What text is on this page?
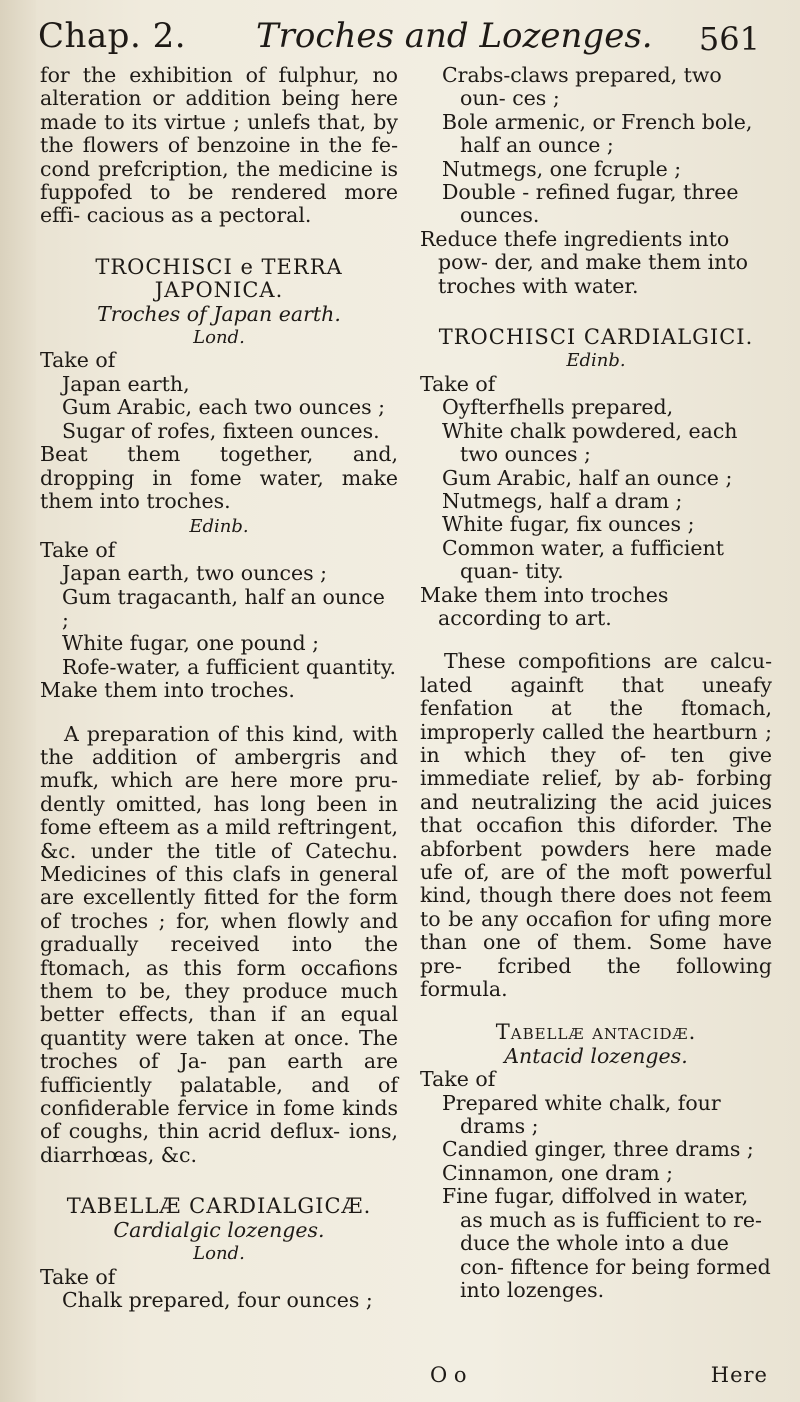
Chap. 2. Troches and Lozenges. 561

for the exhibition of fulphur, no alteration or addition being here made to its virtue ; unlefs that, by the flowers of benzoine in the fe- cond prefcription, the medicine is fuppofed to be rendered more effi- cacious as a pectoral.

TROCHISCI e TERRA JAPONICA.

Troches of Japan earth.

Lond.

Take of

Japan earth,

Gum Arabic, each two ounces ;

Sugar of rofes, fixteen ounces.

Beat them together, and, dropping in fome water, make them into troches.

Edinb.

Take of

Japan earth, two ounces ;

Gum tragacanth, half an ounce ;

White fugar, one pound ;

Rofe-water, a fufficient quantity.

Make them into troches.

A preparation of this kind, with the addition of ambergris and mufk, which are here more pru- dently omitted, has long been in fome efteem as a mild reftringent, &c. under the title of Catechu. Medicines of this clafs in general are excellently fitted for the form of troches ; for, when flowly and gradually received into the ftomach, as this form occafions them to be, they produce much better effects, than if an equal quantity were taken at once. The troches of Ja- pan earth are fufficiently palatable, and of confiderable fervice in fome kinds of coughs, thin acrid deflux- ions, diarrhœas, &c.

TABELLÆ CARDIALGICÆ.

Cardialgic lozenges.

Lond.

Take of

Chalk prepared, four ounces ;

Crabs-claws prepared, two oun- ces ;

Bole armenic, or French bole, half an ounce ;

Nutmegs, one fcruple ;

Double - refined fugar, three ounces.

Reduce thefe ingredients into pow- der, and make them into troches with water.

TROCHISCI CARDIALGICI.

Edinb.

Take of

Oyfterfhells prepared,

White chalk powdered, each two ounces ;

Gum Arabic, half an ounce ;

Nutmegs, half a dram ;

White fugar, fix ounces ;

Common water, a fufficient quan- tity.

Make them into troches according to art.

These compofitions are calcu- lated againft that uneafy fenfation at the ftomach, improperly called the heartburn ; in which they of- ten give immediate relief, by ab- forbing and neutralizing the acid juices that occafion this diforder. The abforbent powders here made ufe of, are of the moft powerful kind, though there does not feem to be any occafion for ufing more than one of them. Some have pre- fcribed the following formula.

Tabellæ antacidæ.

Antacid lozenges.

Take of

Prepared white chalk, four drams ;

Candied ginger, three drams ;

Cinnamon, one dram ;

Fine fugar, diffolved in water, as much as is fufficient to re- duce the whole into a due con- fiftence for being formed into lozenges.

O o	Here
